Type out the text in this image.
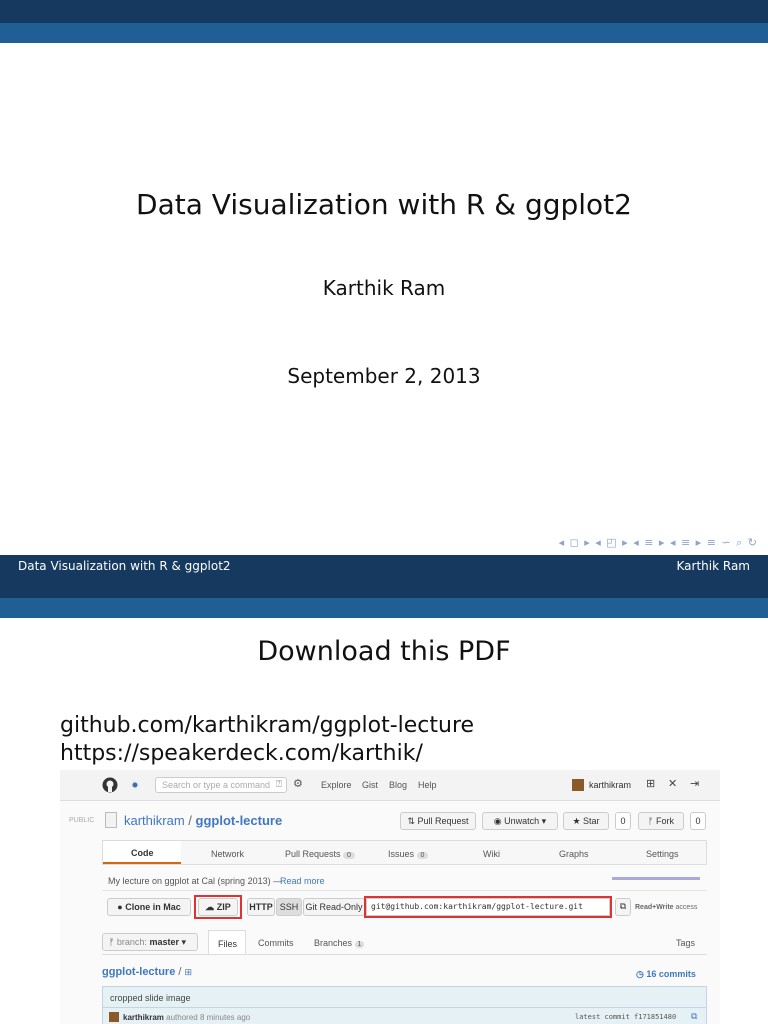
Data Visualization with R & ggplot2
Karthik Ram
September 2, 2013
◂ ◻ ▸ ◂ ◰ ▸ ◂ ≡ ▸ ◂ ≡ ▸ ≡ ∽ ⌕ ↻
Data Visualization with R & ggplot2	Karthik Ram
Download this PDF
github.com/karthikram/ggplot-lecture
https://speakerdeck.com/karthik/
Search or type a command ⍰ ⚙ Explore Gist Blog Help	karthikram ⊞ ✕ ⇥
PUBLIC karthikram / ggplot-lecture	⇅ Pull Request	◉ Unwatch ▾	★ Star	0	ᚠ Fork	0
Code	Network	Pull Requests 0	Issues 0	Wiki	Graphs	Settings
My lecture on ggplot at Cal (spring 2013) —
Read more
● Clone in Mac	☁ ZIP	HTTP SSH Git Read-Only	git@github.com:karthikram/ggplot-lecture.git	⧉	Read+Write access
ᚠ branch: master ▾	Files Commits Branches 1	Tags
ggplot-lecture / ⊞	◷ 16 commits
cropped slide image
karthikram authored 8 minutes ago	latest commit f171851480 ⧉
